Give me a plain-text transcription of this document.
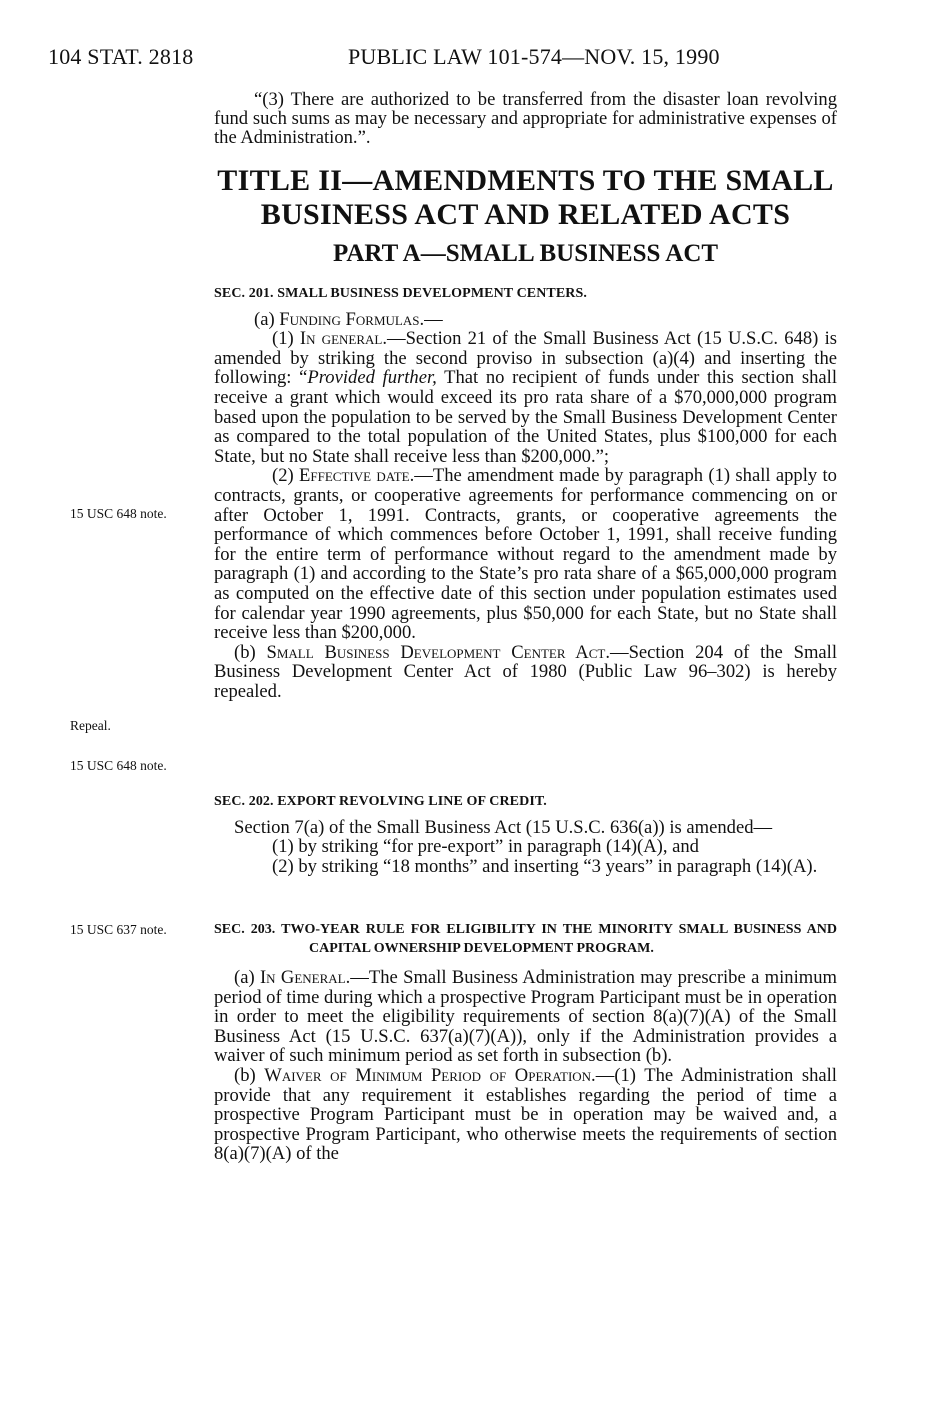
104 STAT. 2818	PUBLIC LAW 101-574—NOV. 15, 1990

“(3) There are authorized to be transferred from the disaster loan revolving fund such sums as may be necessary and appropriate for administrative expenses of the Administration.”.

TITLE II—AMENDMENTS TO THE SMALL
BUSINESS ACT AND RELATED ACTS
PART A—SMALL BUSINESS ACT
SEC. 201. SMALL BUSINESS DEVELOPMENT CENTERS.

(a) Funding Formulas.—

(1) In general.—Section 21 of the Small Business Act (15 U.S.C. 648) is amended by striking the second proviso in subsection (a)(4) and inserting the following: “Provided further, That no recipient of funds under this section shall receive a grant which would exceed its pro rata share of a $70,000,000 program based upon the population to be served by the Small Business Development Center as compared to the total population of the United States, plus $100,000 for each State, but no State shall receive less than $200,000.”;

(2) Effective date.—The amendment made by paragraph (1) shall apply to contracts, grants, or cooperative agreements for performance commencing on or after October 1, 1991. Contracts, grants, or cooperative agreements the performance of which commences before October 1, 1991, shall receive funding for the entire term of performance without regard to the amendment made by paragraph (1) and according to the State’s pro rata share of a $65,000,000 program as computed on the effective date of this section under population estimates used for calendar year 1990 agreements, plus $50,000 for each State, but no State shall receive less than $200,000.

(b) Small Business Development Center Act.—Section 204 of the Small Business Development Center Act of 1980 (Public Law 96–302) is hereby repealed.

SEC. 202. EXPORT REVOLVING LINE OF CREDIT.

Section 7(a) of the Small Business Act (15 U.S.C. 636(a)) is amended—

(1) by striking “for pre-export” in paragraph (14)(A), and

(2) by striking “18 months” and inserting “3 years” in paragraph (14)(A).

SEC. 203. TWO-YEAR RULE FOR ELIGIBILITY IN THE MINORITY SMALL BUSINESS AND CAPITAL OWNERSHIP DEVELOPMENT PROGRAM.

(a) In General.—The Small Business Administration may prescribe a minimum period of time during which a prospective Program Participant must be in operation in order to meet the eligibility requirements of section 8(a)(7)(A) of the Small Business Act (15 U.S.C. 637(a)(7)(A)), only if the Administration provides a waiver of such minimum period as set forth in subsection (b).

(b) Waiver of Minimum Period of Operation.—(1) The Administration shall provide that any requirement it establishes regarding the period of time a prospective Program Participant must be in operation may be waived and, a prospective Program Participant, who otherwise meets the requirements of section 8(a)(7)(A) of the

15 USC 648 note.
Repeal.
15 USC 648 note.
15 USC 637 note.
